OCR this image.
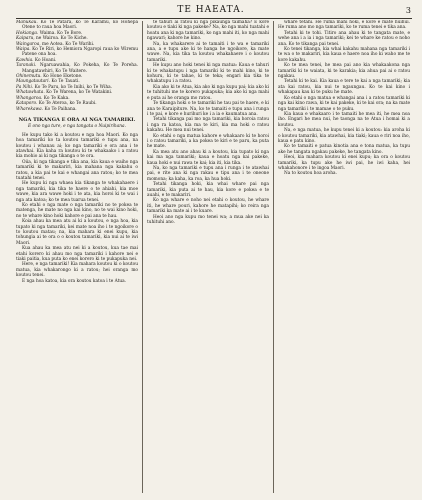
TE HAEATA.	3

Manukau. Ko Te Patara, ko Te Karamu, ko Hohepa Otene to raua hoa Maori.

Hokianga. Waima. Ko Te Bore.

Kaiparu, ne Wairoa. Ko Te Kiche.

Waingaroa, me Aotea. Ko Te Warihi.

Waipa. Ko Te Riri, ko Hemiora Ngaropi raua ko Wiremu Patene ona hoa.

Kawhia. Ko Hoani.

Taranaki. Ngaruawahia, Ko Pokeha, Ko Te Poreha. Mangatawhiri, Ko Te Waitere.

Ohinemutu. Ko Hone Eketone.

Maungatautari. Ko Te Tauati.

Pa Nihi. Ko Te Paru, ko Te Inihi, ko Te Wiha.

Whatawhata. Ko Te Warena, ko Te Watakini.

Whangaroa. Ko Te Kaka.

Kataporo. Ko Te Ateroa, ko Te Raubi.

Wharekawa. Ko Te Paihana.

NGA TIKANGA E ORA AI NGA TAMARIKI.
E ono nga ture, e nga tangata o Nuipirihana.

He kupu tako ki a koutou e nga hoa Maori. Ko nga hoa tamariki ko ta koutou tamariki e tupu ana, na koutou i whanau ai; ko nga tamariki e ora ana i te atawhai. Kia kaha ra koutou ki te whakaako i a ratou kia mohio ai ki nga tikanga o te ora.

Oiia, ki nga tikanga e tika ana, kia kaua e waiho nga tamariki ki te makariri, kia mahana nga kakahu o ratou, a kia pai te kai e whangai ana ratou; ko te mea tuatahi tenei.

He kupu ki nga whaea kia tikanga te whakahaere i nga tamariki, kia tika te haere o te ahiahi, kia moe wawe, kia ara wawe hoki i te ata, kia horoi ki te wai i nga ata katoa; ko te mea tuarua tenei.

Ko etahi o nga mate o nga tamariki no te pokea te matenga, he mate no nga kai kino, no te wai kino hoki, no te whare kino hoki kahore e pai ana te hau.

Koia ahau ka mea atu ai ki a koutou, e nga hoa, kia tupato ki nga tamariki, kei mate noa iho i te ngoikore o to koutou matau; na, kia mahara ki enei kupu, kia tohungia ai te ora o o koutou tamariki, kia nui ai te iwi Maori.

Kua ahau ka mea atu nei ki a koutou, kua tae mai etahi korero ki ahau mo nga tamariki i kahore nei e tiaki paitia, kua puta ko enei korero ki te pukapuka nei.

Here, e nga tamariki! Kia mahara koutou ki o koutou matua, kia whakarongo ki a ratou; hei oranga mo koutou tenei.

E nga hoa katoa, kia ora koutou katoa i te Atua.

te tahuri ai ratou ki nga pikaunga taimaha? E kore koutou e tiaki ki nga pakeke? Na, ko nga mahi tuatahi e hoatu ana ki nga tamariki, ko nga mahi iti, ko nga mahi ngawari; kahore he kino.

Na, ka whakarere ai te tamaiti i te wa e tamariki ana, a e tupu ake ki te hanga he ngoikore, ka mate wawe. Na, kia tika ta koutou whakahaere i o koutou tamariki.

He kupu ano hoki tenei ki nga matua: Kaua e tahuri ki te whakatupu i nga tamariki ki te mahi kino, ki te kohuru, ki te tahae, ki te teka; engari kia tika te whakatupu i a ratou.

Kia ako ki te Atua, kia ako ki nga kupu pai; kia ako ki te tuhituhi me te korero pukapuka; kia ako ki nga mahi e puta ai he oranga mo ratou.

Te tikanga hoki o te tamariki he tau pai te haere, e ki ana te Karaipiture. Na, ko te tamaiti e tupu ana i runga i te pai, e kore e hurihuri ke i a ia e kaumatua ana.

Tetahi tikanga pai mo nga tamariki, kia horoia ratou i nga ra katoa, kia ma te kiri, kia ma hoki o ratou kakahu. He mea nui tenei.

Ko etahi o nga matua kahore e whakaaro ki te horoi i o ratou tamariki, a ka pokea te kiri e te paru, ka puta he mate.

Ka mea atu ano ahau ki a koutou, kia tupato ki nga kai ma nga tamariki; kaua e hoatu nga kai pakeke, kaua hoki e nui rawa te kai; kia iti, kia tika.

Na, ko nga tamariki e tupu ana i runga i te atawhai pai, e rite ana ki nga rakau e tipu ana i te oneone momona; ka kaha, ka roa, ka hua hoki.

Tetahi tikanga hoki, kia whai whare pai nga tamariki, kia puta ai te hau, kia kore e pokea e te auahi, e te makariri.

Ko nga whare e noho nei etahi o koutou, he whare iti, he whare pouri, kahore he matapihi; ko reira nga tamariki ka mate ai i te kuare.

Heoi ano nga kupu mo tenei wa; a mua ake nei ka tuhituhi ano.

whare tetahi. He ruma mahi hoki, e kore e mate huihui. He ruma ano mo nga tamariki, ko te ruma tenei e tika ana.

Tetahi ki te tohi. Titiro ana ahau ki te tangata mate, e wehe ana i a ia i nga tamariki; kei te whare ke ratou e noho ana. Ko te tikanga pai tenei.

Ko tenei tikanga, kia whai kakahu mahana nga tamariki i te wa o te makariri, kia kaua e haere noa iho ki waho me te kore kakahu.

Ko te mea tenei, he mea pai ano kia whakaakona nga tamariki ki te waiata, ki te karakia; kia ahua pai ai o ratou ngakau.

Tetahi ki te kai. Kia kaua e tere te kai a nga tamariki; kia ata kai ratou, kia nui te ngaungau. Ko te kai kino i whakapau kau ki te puku he mate.

Ko etahi o nga matua e whangai ana i a ratou tamariki ki nga kai kino rawa, ki te kai pakeke, ki te kai ora; na ka mate nga tamariki i te mamae o te puku.

Kia kaua e whakaaro i te tamaiti he mea iti, he mea noa iho. Engari he mea nui, he taonga na te Atua i homai ki a koutou.

Na, e nga matua, he kupu tenei ki a koutou: kia aroha ki o koutou tamariki, kia atawhai, kia tiaki; kaua e riri noa iho, kaua e patu kino.

Ko te tamaiti e patua kinotia ana e tona matua, ka tupu ake he tangata ngakau pakeke, he tangata kino.

Heoi, kia mahara koutou ki enei kupu; ka ora o koutou tamariki, ka tupu ake he iwi pai, he iwi kaha, hei whakahonore i te ingoa Maori.

Na to koutou hoa aroha.
